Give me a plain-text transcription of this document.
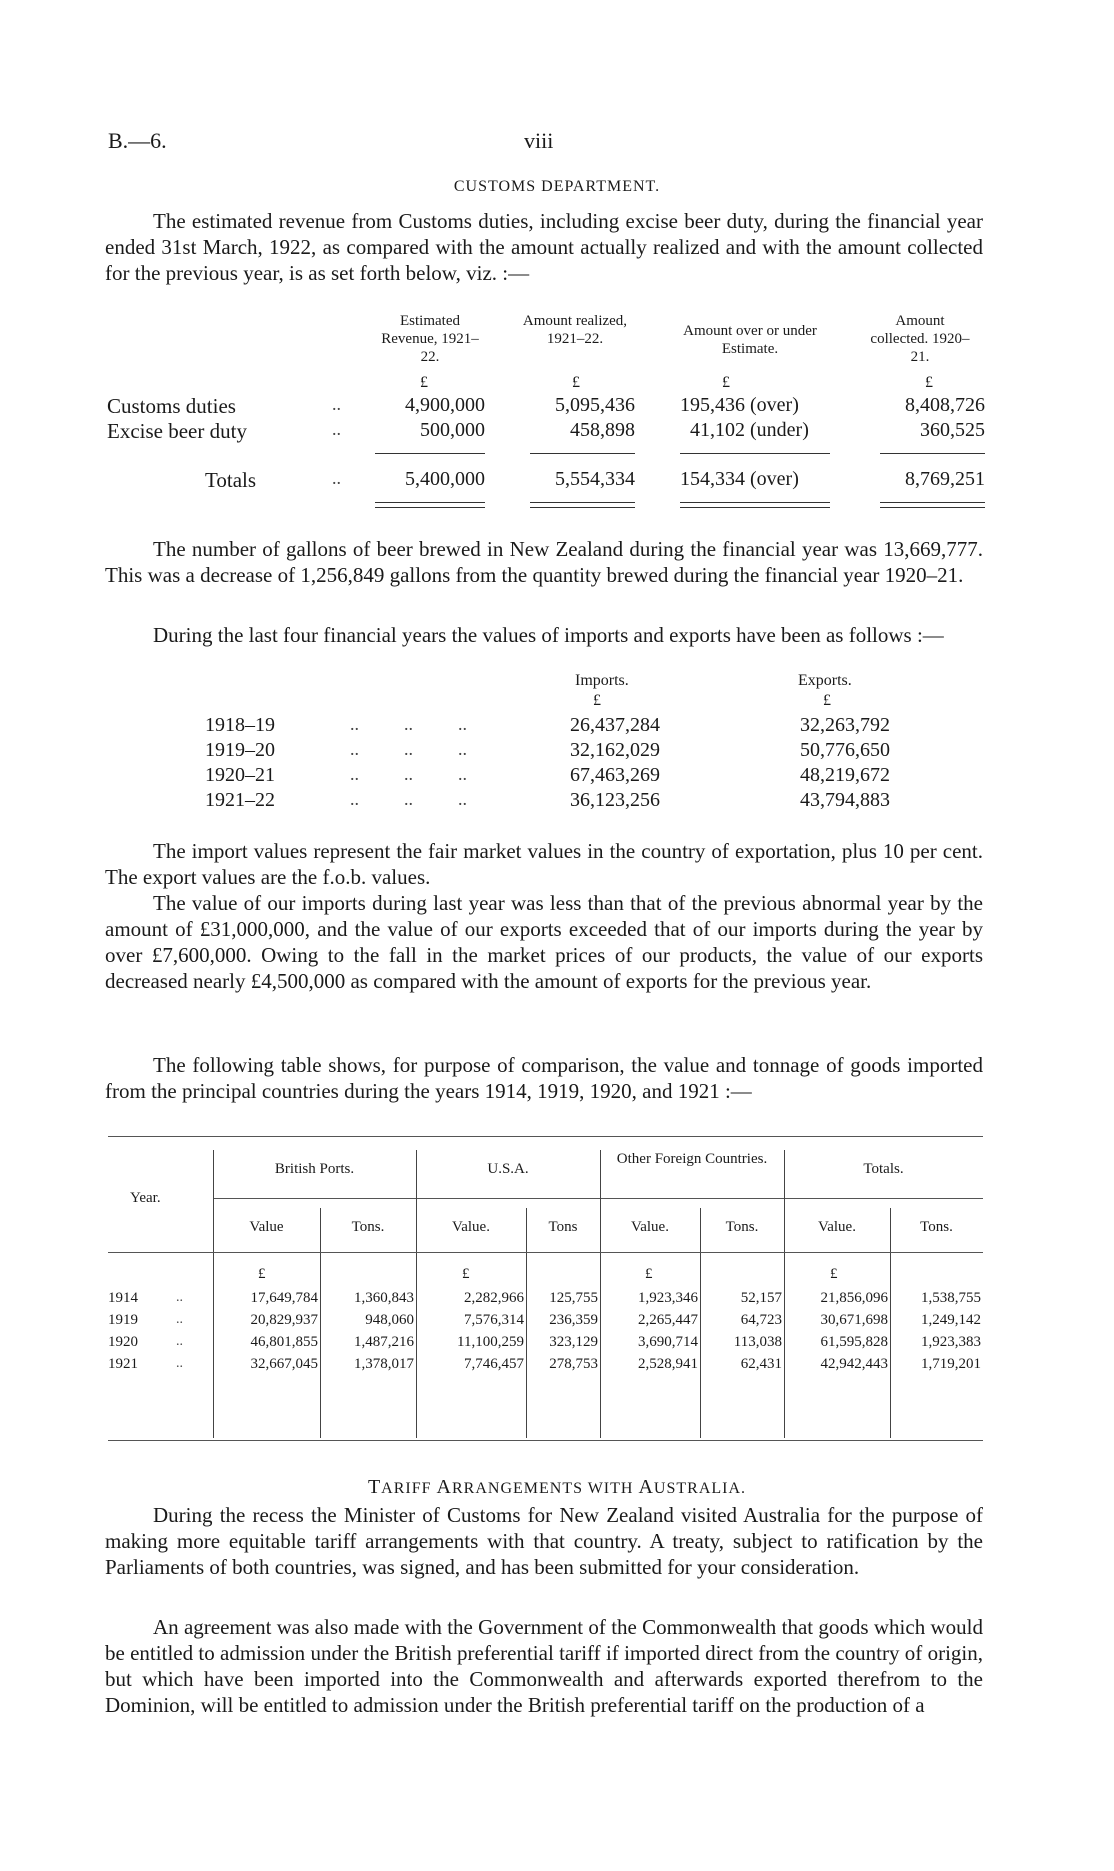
B.—6.	viii
CUSTOMS DEPARTMENT.
The estimated revenue from Customs duties, including excise beer duty, during the financial year ended 31st March, 1922, as compared with the amount actually realized and with the amount collected for the previous year, is as set forth below, viz. :—
Estimated Revenue, 1921–22.
Amount realized, 1921–22.	Amount over or under Estimate.
Amount collected. 1920–21.
£	£	£	£
Customs duties	..	4,900,000	5,095,436	195,436 (over)	8,408,726
Excise beer duty	..	500,000	458,898	41,102 (under)	360,525
Totals	..	5,400,000	5,554,334	154,334 (over)	8,769,251
The number of gallons of beer brewed in New Zealand during the financial year was 13,669,777. This was a decrease of 1,256,849 gallons from the quantity brewed during the financial year 1920–21.
During the last four financial years the values of imports and exports have been as follows :—
Imports.	Exports.
£	£
1918–19	..          ..          ..	26,437,284	32,263,792
1919–20	..          ..          ..	32,162,029	50,776,650
1920–21	..          ..          ..	67,463,269	48,219,672
1921–22	..          ..          ..	36,123,256	43,794,883
The import values represent the fair market values in the country of exportation, plus 10 per cent. The export values are the f.o.b. values.
The value of our imports during last year was less than that of the previous abnormal year by the amount of £31,000,000, and the value of our exports exceeded that of our imports during the year by over £7,600,000. Owing to the fall in the market prices of our products, the value of our exports decreased nearly £4,500,000 as compared with the amount of exports for the previous year.
The following table shows, for purpose of comparison, the value and tonnage of goods imported from the principal countries during the years 1914, 1919, 1920, and 1921 :—
Year.
British Ports.	U.S.A.
Other Foreign Countries.
Totals.
Value	Tons.	Value.	Tons	Value.	Tons.	Value.	Tons.
£	£	£	£
1914	..	17,649,784	1,360,843	2,282,966	125,755	1,923,346	52,157	21,856,096	1,538,755
1919	..	20,829,937	948,060	7,576,314	236,359	2,265,447	64,723	30,671,698	1,249,142
1920	..	46,801,855	1,487,216	11,100,259	323,129	3,690,714	113,038	61,595,828	1,923,383
1921	..	32,667,045	1,378,017	7,746,457	278,753	2,528,941	62,431	42,942,443	1,719,201
TARIFF ARRANGEMENTS WITH AUSTRALIA.
During the recess the Minister of Customs for New Zealand visited Australia for the purpose of making more equitable tariff arrangements with that country. A treaty, subject to ratification by the Parliaments of both countries, was signed, and has been submitted for your consideration.
An agreement was also made with the Government of the Commonwealth that goods which would be entitled to admission under the British preferential tariff if imported direct from the country of origin, but which have been imported into the Commonwealth and afterwards exported therefrom to the Dominion, will be entitled to admission under the British preferential tariff on the production of a
